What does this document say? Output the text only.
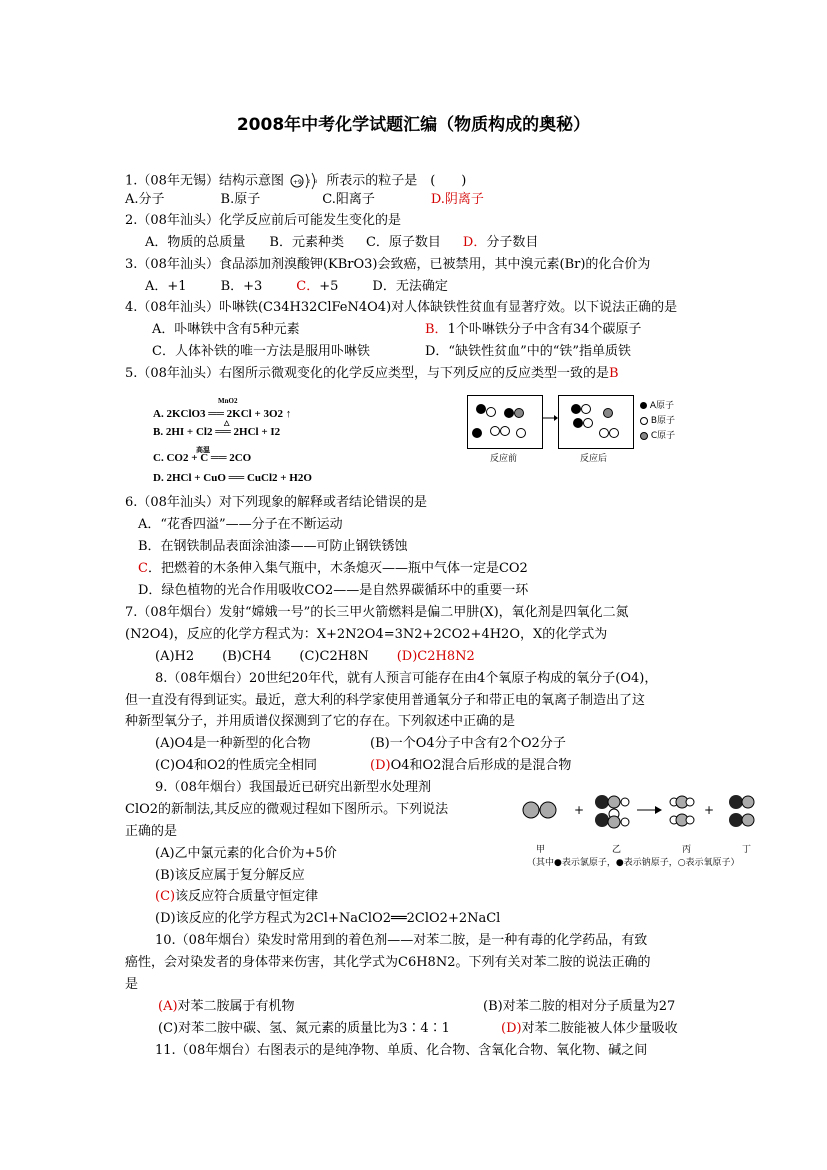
2008年中考化学试题汇编（物质构成的奥秘）
1.（08年无锡）结构示意图 +9 2 8 所表示的粒子是　(　　)
A.分子	B.原子	C.阳离子	D.阴离子
2.（08年汕头）化学反应前后可能发生变化的是
A．物质的总质量 B．元素种类 C．原子数目 D．分子数目
3.（08年汕头）食品添加剂溴酸钾(KBrO3)会致癌，已被禁用，其中溴元素(Br)的化合价为
A．+1	B．+3	C．+5	D．无法确定
4.（08年汕头）卟啉铁(C34H32ClFeN4O4)对人体缺铁性贫血有显著疗效。以下说法正确的是
A．卟啉铁中含有5种元素	B．1个卟啉铁分子中含有34个碳原子
C．人体补铁的唯一方法是服用卟啉铁	D．“缺铁性贫血”中的“铁”指单质铁
5.（08年汕头）右图所示微观变化的化学反应类型，与下列反应的反应类型一致的是B
MnO2
A. 2KClO3 ══ 2KCl + 3O2 ↑
△
B. 2HI + Cl2 ══ 2HCl + I2
高温
C. CO2 + C ══ 2CO
D. 2HCl + CuO ══ CuCl2 + H2O
反应前	反应后
A原子
B原子
C原子
6.（08年汕头）对下列现象的解释或者结论错误的是
A．“花香四溢”——分子在不断运动
B．在钢铁制品表面涂油漆——可防止钢铁锈蚀
C．把燃着的木条伸入集气瓶中，木条熄灭——瓶中气体一定是CO2
D．绿色植物的光合作用吸收CO2——是自然界碳循环中的重要一环
7.（08年烟台）发射“嫦娥一号”的长三甲火箭燃料是偏二甲肼(X)，氧化剂是四氧化二氮
(N2O4)，反应的化学方程式为：X+2N2O4=3N2+2CO2+4H2O，X的化学式为
(A)H2 (B)CH4 (C)C2H8N (D)C2H8N2
8.（08年烟台）20世纪20年代，就有人预言可能存在由4个氧原子构成的氧分子(O4)，
但一直没有得到证实。最近，意大利的科学家使用普通氧分子和带正电的氧离子制造出了这
种新型氧分子，并用质谱仪探测到了它的存在。下列叙述中正确的是
(A)O4是一种新型的化合物	(B)一个O4分子中含有2个O2分子
(C)O4和O2的性质完全相同	(D)O4和O2混合后形成的是混合物
9.（08年烟台）我国最近已研究出新型水处理剂
ClO2的新制法,其反应的微观过程如下图所示。下列说法
正确的是
(A)乙中氯元素的化合价为+5价
(B)该反应属于复分解反应
(C)该反应符合质量守恒定律
(D)该反应的化学方程式为2Cl+NaClO2══2ClO2+2NaCl
+	+
甲	乙	丙	丁
（其中●表示氯原子，●表示钠原子，○表示氧原子）
10.（08年烟台）染发时常用到的着色剂——对苯二胺，是一种有毒的化学药品，有致
癌性，会对染发者的身体带来伤害，其化学式为C6H8N2。下列有关对苯二胺的说法正确的
是
(A)对苯二胺属于有机物	(B)对苯二胺的相对分子质量为27
(C)对苯二胺中碳、氢、氮元素的质量比为3∶4∶1	(D)对苯二胺能被人体少量吸收
11.（08年烟台）右图表示的是纯净物、单质、化合物、含氧化合物、氧化物、碱之间
